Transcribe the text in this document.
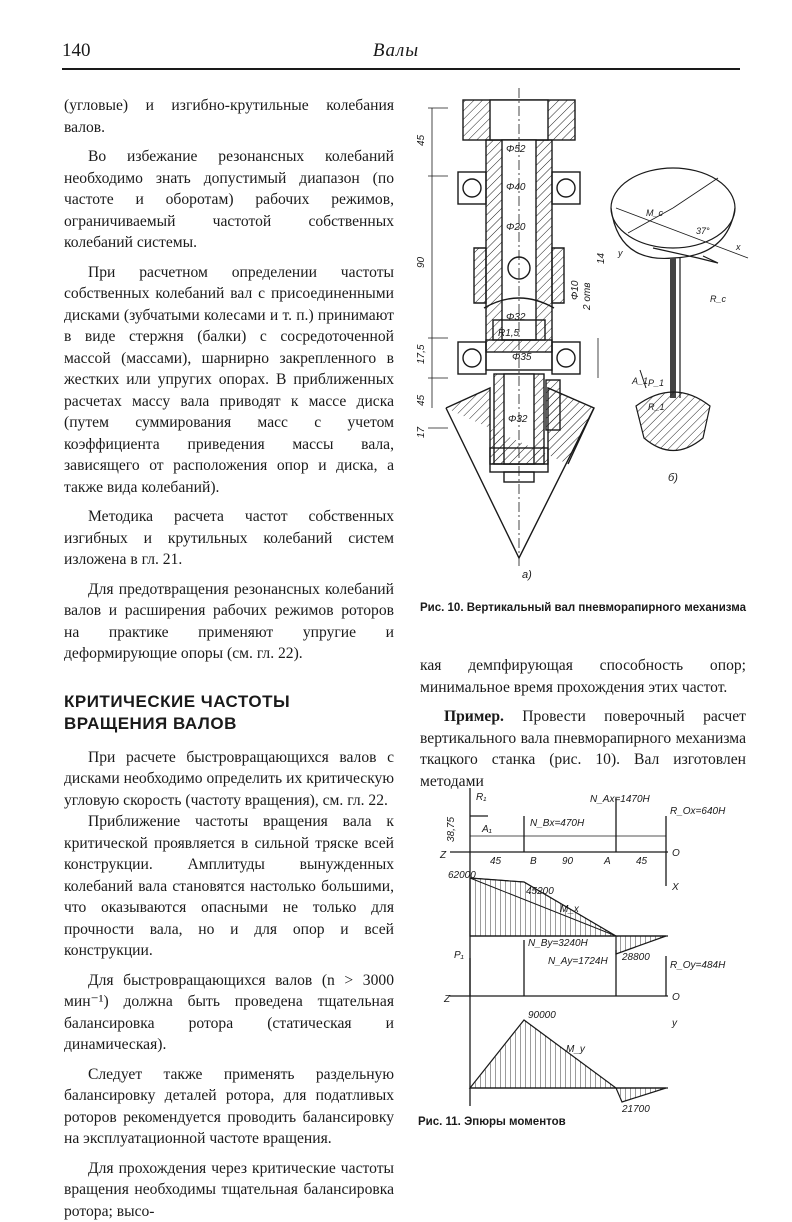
140	Валы

(угловые) и изгибно-крутильные колебания валов.

Во избежание резонансных колебаний необходимо знать допустимый диапазон (по частоте и оборотам) рабочих режимов, ограничиваемый частотой собственных колебаний системы.

При расчетном определении частоты собственных колебаний вал с присоединенными дисками (зубчатыми колесами и т. п.) принимают в виде стержня (балки) с сосредоточенной массой (массами), шарнирно закрепленного в жестких или упругих опорах. В приближенных расчетах массу вала приводят к массе диска (путем суммирования масс с учетом коэффициента приведения массы вала, зависящего от расположения опор и диска, а также вида колебаний).

Методика расчета частот собственных изгибных и крутильных колебаний систем изложена в гл. 21.

Для предотвращения резонансных колебаний валов и расширения рабочих режимов роторов на практике применяют упругие и деформирующие опоры (см. гл. 22).

КРИТИЧЕСКИЕ ЧАСТОТЫ
ВРАЩЕНИЯ ВАЛОВ

При расчете быстровращающихся валов с дисками необходимо определить их критическую угловую скорость (частоту вращения), см. гл. 22.

Приближение частоты вращения вала к критической проявляется в сильной тряске всей конструкции. Амплитуды вынужденных колебаний вала становятся настолько большими, что оказываются опасными не только для прочности вала, но и для опор и всей конструкции.

Для быстровращающихся валов (n > 3000 мин⁻¹) должна быть проведена тщательная балансировка ротора (статическая и динамическая).

Следует также применять раздельную балансировку деталей ротора, для податливых роторов рекомендуется проводить балансировку на эксплуатационной частоте вращения.

Для прохождения через критические частоты вращения необходимы тщательная балансировка ротора; высо-

Φ52
Φ40
Φ20
Φ32
R1,5
Φ35
Φ32
Φ10 2 отв
45
90	14
17,5
45
17
а)
M_c
37°
y
x
R_c
A_1 P_1
R_1
б)
Рис. 10. Вертикальный вал пневморапирного механизма

кая демпфирующая способность опор; минимальное время прохождения этих частот.

Пример. Провести поверочный расчет вертикального вала пневморапирного механизма ткацкого станка (рис. 10). Вал изготовлен методами

R₁
A₁
N_Bx=470H
N_Ax=1470H
R_Ox=640H
38,75
45	90	45
Z
B	A
O
X
62000
45200
M_x
P₁
N_By=3240H
N_Ay=1724H 28800
R_Oy=484H
Z	O
y
90000
M_y
21700
Рис. 11. Эпюры моментов
